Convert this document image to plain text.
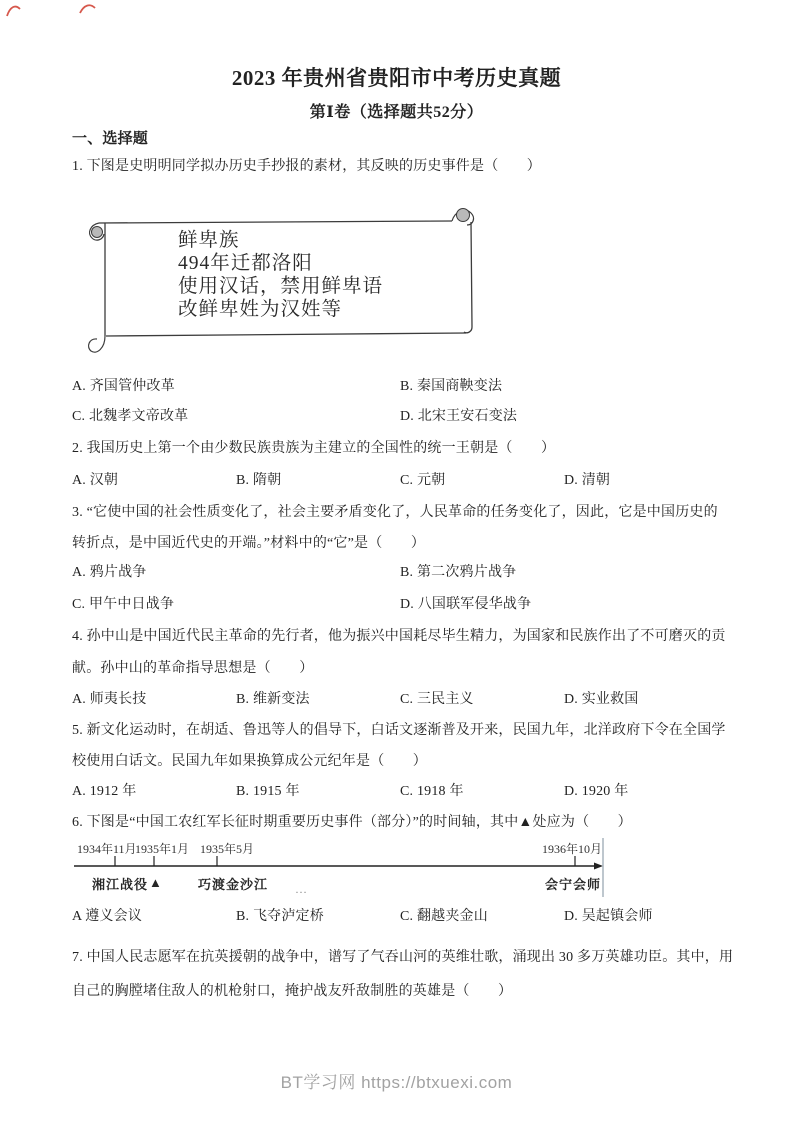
2023 年贵州省贵阳市中考历史真题
第Ⅰ卷（选择题共52分）
一、选择题
1. 下图是史明明同学拟办历史手抄报的素材，其反映的历史事件是（　　）
鲜卑族
494年迁都洛阳
使用汉话，禁用鲜卑语
改鲜卑姓为汉姓等
A. 齐国管仲改革	B. 秦国商鞅变法
C. 北魏孝文帝改革	D. 北宋王安石变法
2. 我国历史上第一个由少数民族贵族为主建立的全国性的统一王朝是（　　）
A. 汉朝	B. 隋朝	C. 元朝	D. 清朝
3. “它使中国的社会性质变化了，社会主要矛盾变化了，人民革命的任务变化了，因此，它是中国历史的
转折点，是中国近代史的开端。”材料中的“它”是（　　）
A. 鸦片战争	B. 第二次鸦片战争
C. 甲午中日战争	D. 八国联军侵华战争
4. 孙中山是中国近代民主革命的先行者，他为振兴中国耗尽毕生精力，为国家和民族作出了不可磨灭的贡
献。孙中山的革命指导思想是（　　）
A. 师夷长技	B. 维新变法	C. 三民主义	D. 实业救国
5. 新文化运动时，在胡适、鲁迅等人的倡导下，白话文逐渐普及开来，民国九年，北洋政府下令在全国学
校使用白话文。民国九年如果换算成公元纪年是（　　）
A. 1912 年	B. 1915 年	C. 1918 年	D. 1920 年
6. 下图是“中国工农红军长征时期重要历史事件（部分）”的时间轴，其中▲处应为（　　）
1934年11月
1935年1月 1935年5月	1936年10月
湘江战役 ▲	巧渡金沙江	会宁会师
…
A 遵义会议	B. 飞夺泸定桥	C. 翻越夹金山	D. 吴起镇会师
7. 中国人民志愿军在抗英援朝的战争中，谱写了气吞山河的英维壮歌，涌现出 30 多万英雄功臣。其中，用
自己的胸膛堵住敌人的机枪射口，掩护战友歼敌制胜的英雄是（　　）
BT学习网 https://btxuexi.com
